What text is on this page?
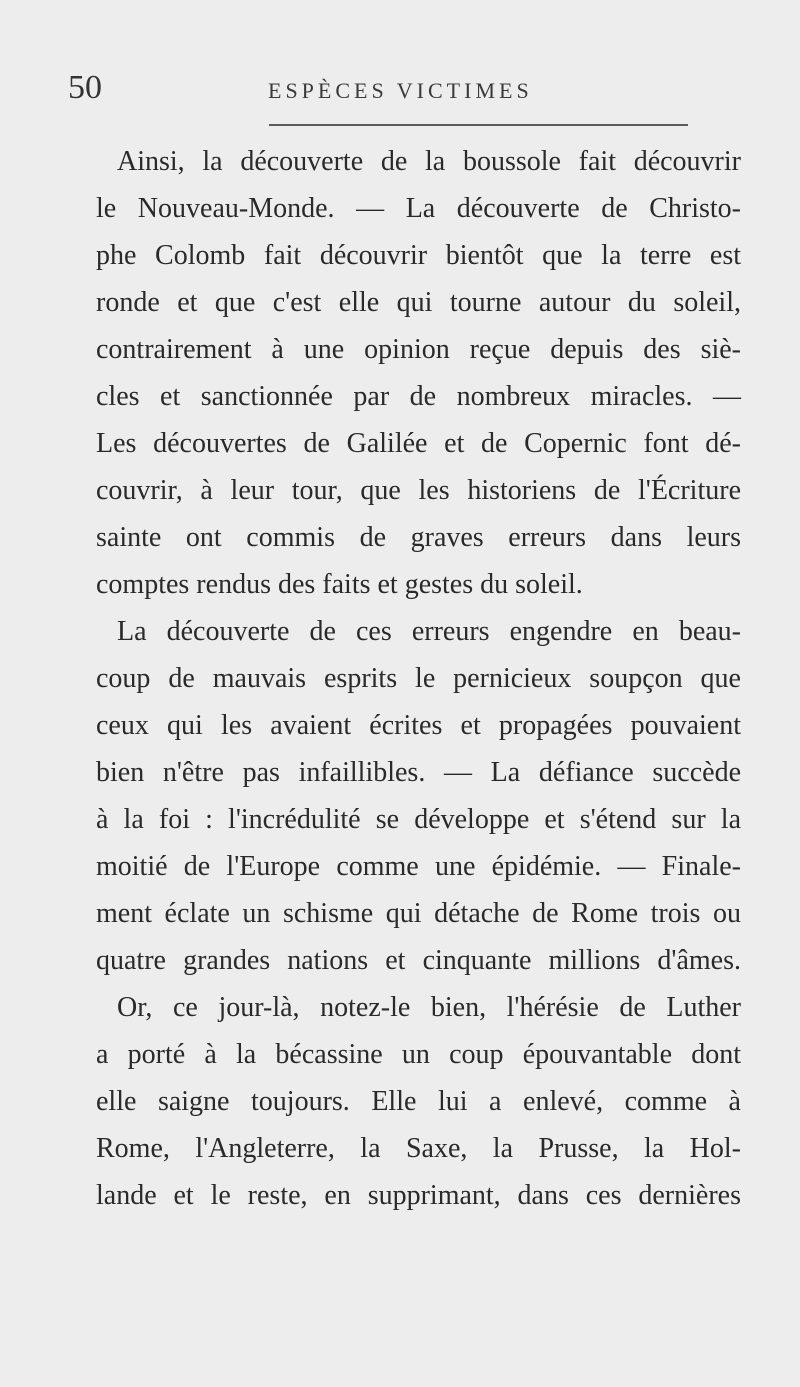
50	ESPÈCES VICTIMES
Ainsi, la découverte de la boussole fait découvrir
le Nouveau-Monde. — La découverte de Christo-
phe Colomb fait découvrir bientôt que la terre est
ronde et que c'est elle qui tourne autour du soleil,
contrairement à une opinion reçue depuis des siè-
cles et sanctionnée par de nombreux miracles. —
Les découvertes de Galilée et de Copernic font dé-
couvrir, à leur tour, que les historiens de l'Écriture
sainte ont commis de graves erreurs dans leurs
comptes rendus des faits et gestes du soleil.
La découverte de ces erreurs engendre en beau-
coup de mauvais esprits le pernicieux soupçon que
ceux qui les avaient écrites et propagées pouvaient
bien n'être pas infaillibles. — La défiance succède
à la foi : l'incrédulité se développe et s'étend sur la
moitié de l'Europe comme une épidémie. — Finale-
ment éclate un schisme qui détache de Rome trois ou
quatre grandes nations et cinquante millions d'âmes.
Or, ce jour-là, notez-le bien, l'hérésie de Luther
a porté à la bécassine un coup épouvantable dont
elle saigne toujours. Elle lui a enlevé, comme à
Rome, l'Angleterre, la Saxe, la Prusse, la Hol-
lande et le reste, en supprimant, dans ces dernières
